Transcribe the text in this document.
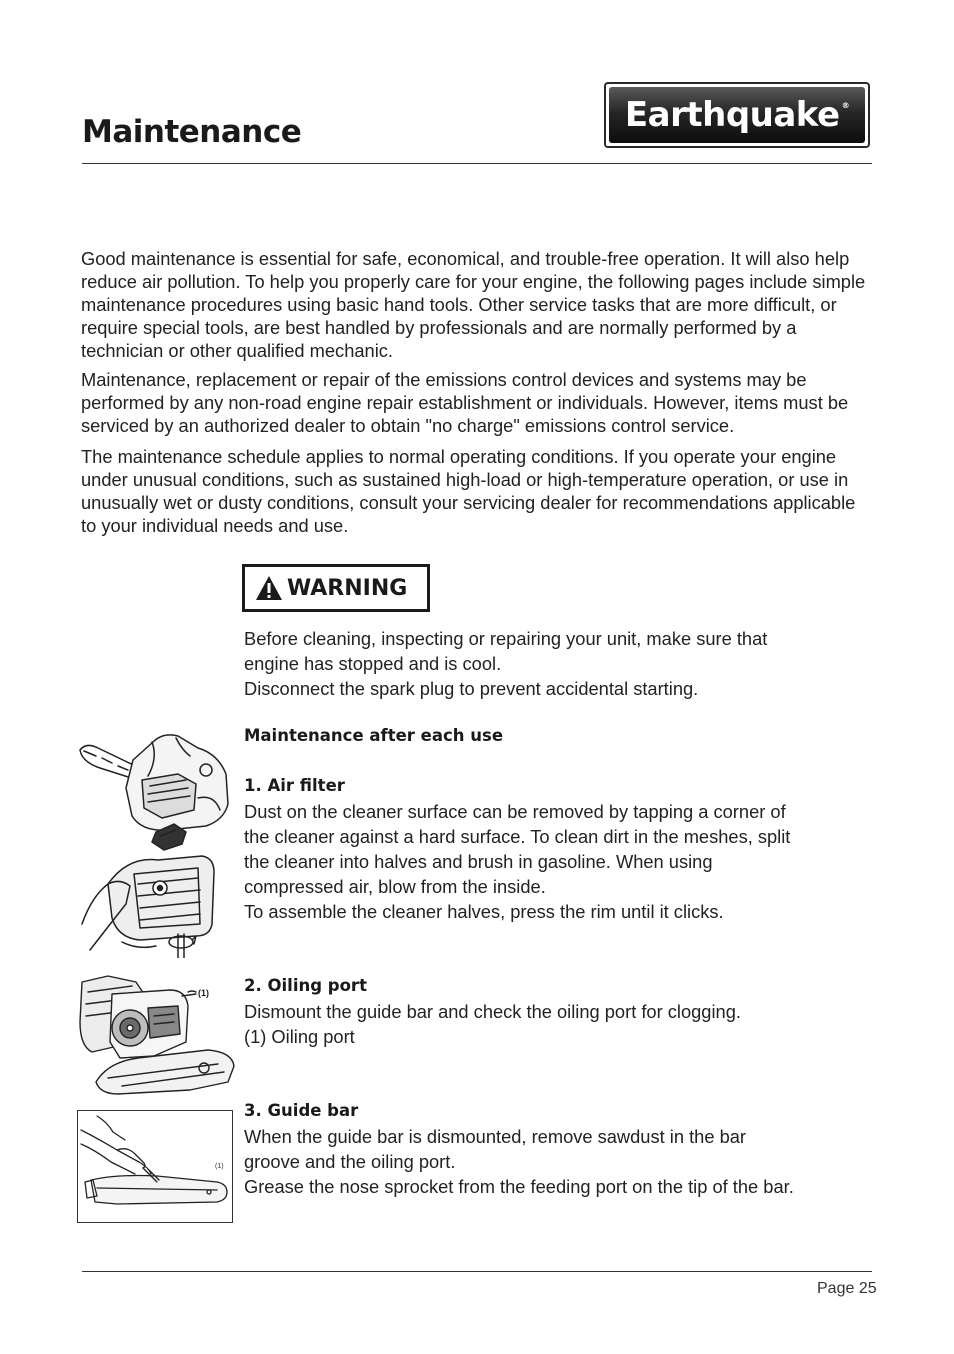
Maintenance	Earthquake ®

Good maintenance is essential for safe, economical, and trouble-free operation. It will also help reduce air pollution. To help you properly care for your engine, the following pages include simple maintenance procedures using basic hand tools. Other service tasks that are more difficult, or require special tools, are best handled by professionals and are normally performed by a technician or other qualified mechanic.

Maintenance, replacement or repair of the emissions control devices and systems may be performed by any non-road engine repair establishment or individuals. However, items must be serviced by an authorized dealer to obtain "no charge" emissions control service.

The maintenance schedule applies to normal operating conditions. If you operate your engine under unusual conditions, such as sustained high-load or high-temperature operation, or use in unusually wet or dusty conditions, consult your servicing dealer for recommendations applicable to your individual needs and use.

WARNING
Before cleaning, inspecting or repairing your unit, make sure that
engine has stopped and is cool.
Disconnect the spark plug to prevent accidental starting.
Maintenance after each use
1. Air filter
Dust on the cleaner surface can be removed by tapping a corner of
the cleaner against a hard surface. To clean dirt in the meshes, split
the cleaner into halves and brush in gasoline. When using
compressed air, blow from the inside.
To assemble the cleaner halves, press the rim until it clicks.
2. Oiling port
Dismount the guide bar and check the oiling port for clogging.
(1) Oiling port
(1)
3. Guide bar
When the guide bar is dismounted, remove sawdust in the bar
groove and the oiling port.
Grease the nose sprocket from the feeding port on the tip of the bar.
(1)
Page 25
